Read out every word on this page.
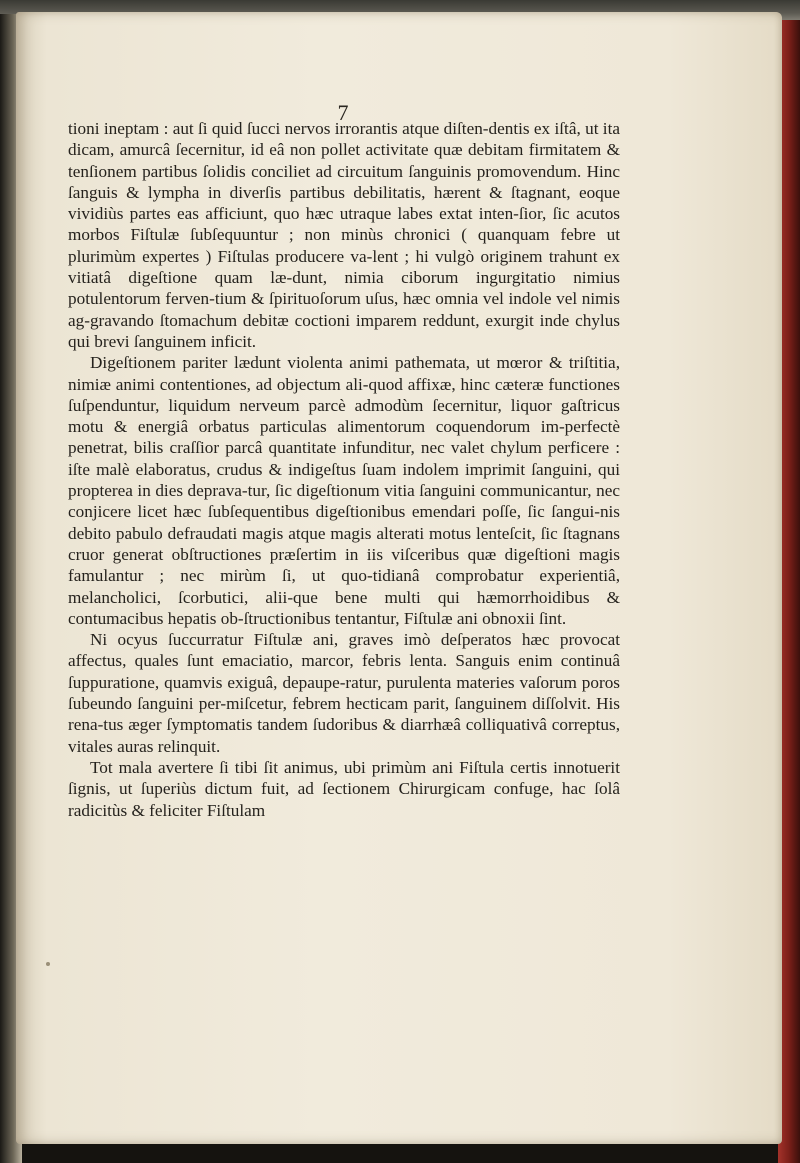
7

tioni ineptam : aut ſi quid ſucci nervos irrorantis atque diſten-dentis ex iſtâ, ut ita dicam, amurcâ ſecernitur, id eâ non pollet activitate quæ debitam firmitatem & tenſionem partibus ſolidis conciliet ad circuitum ſanguinis promovendum. Hinc ſanguis & lympha in diverſis partibus debilitatis, hærent & ſtagnant, eoque vividiùs partes eas afficiunt, quo hæc utraque labes extat inten-ſior, ſic acutos morbos Fiſtulæ ſubſequuntur ; non minùs chronici ( quanquam febre ut plurimùm expertes ) Fiſtulas producere va-lent ; hi vulgò originem trahunt ex vitiatâ digeſtione quam læ-dunt, nimia ciborum ingurgitatio nimius potulentorum ferven-tium & ſpirituoſorum uſus, hæc omnia vel indole vel nimis ag-gravando ſtomachum debitæ coctioni imparem reddunt, exurgit inde chylus qui brevi ſanguinem inficit.

Digeſtionem pariter lædunt violenta animi pathemata, ut mœror & triſtitia, nimiæ animi contentiones, ad objectum ali-quod affixæ, hinc cæteræ functiones ſuſpenduntur, liquidum nerveum parcè admodùm ſecernitur, liquor gaſtricus motu & energiâ orbatus particulas alimentorum coquendorum im-perfectè penetrat, bilis craſſior parcâ quantitate infunditur, nec valet chylum perficere : iſte malè elaboratus, crudus & indigeſtus ſuam indolem imprimit ſanguini, qui propterea in dies deprava-tur, ſic digeſtionum vitia ſanguini communicantur, nec conjicere licet hæc ſubſequentibus digeſtionibus emendari poſſe, ſic ſangui-nis debito pabulo defraudati magis atque magis alterati motus lenteſcit, ſic ſtagnans cruor generat obſtructiones præſertim in iis viſceribus quæ digeſtioni magis famulantur ; nec mirùm ſi, ut quo-tidianâ comprobatur experientiâ, melancholici, ſcorbutici, alii-que bene multi qui hæmorrhoidibus & contumacibus hepatis ob-ſtructionibus tentantur, Fiſtulæ ani obnoxii ſint.

Ni ocyus ſuccurratur Fiſtulæ ani, graves imò deſperatos hæc provocat affectus, quales ſunt emaciatio, marcor, febris lenta. Sanguis enim continuâ ſuppuratione, quamvis exiguâ, depaupe-ratur, purulenta materies vaſorum poros ſubeundo ſanguini per-miſcetur, febrem hecticam parit, ſanguinem diſſolvit. His rena-tus æger ſymptomatis tandem ſudoribus & diarrhæâ colliquativâ correptus, vitales auras relinquit.

Tot mala avertere ſi tibi ſit animus, ubi primùm ani Fiſtula certis innotuerit ſignis, ut ſuperiùs dictum fuit, ad ſectionem Chirurgicam confuge, hac ſolâ radicitùs & feliciter Fiſtulam
